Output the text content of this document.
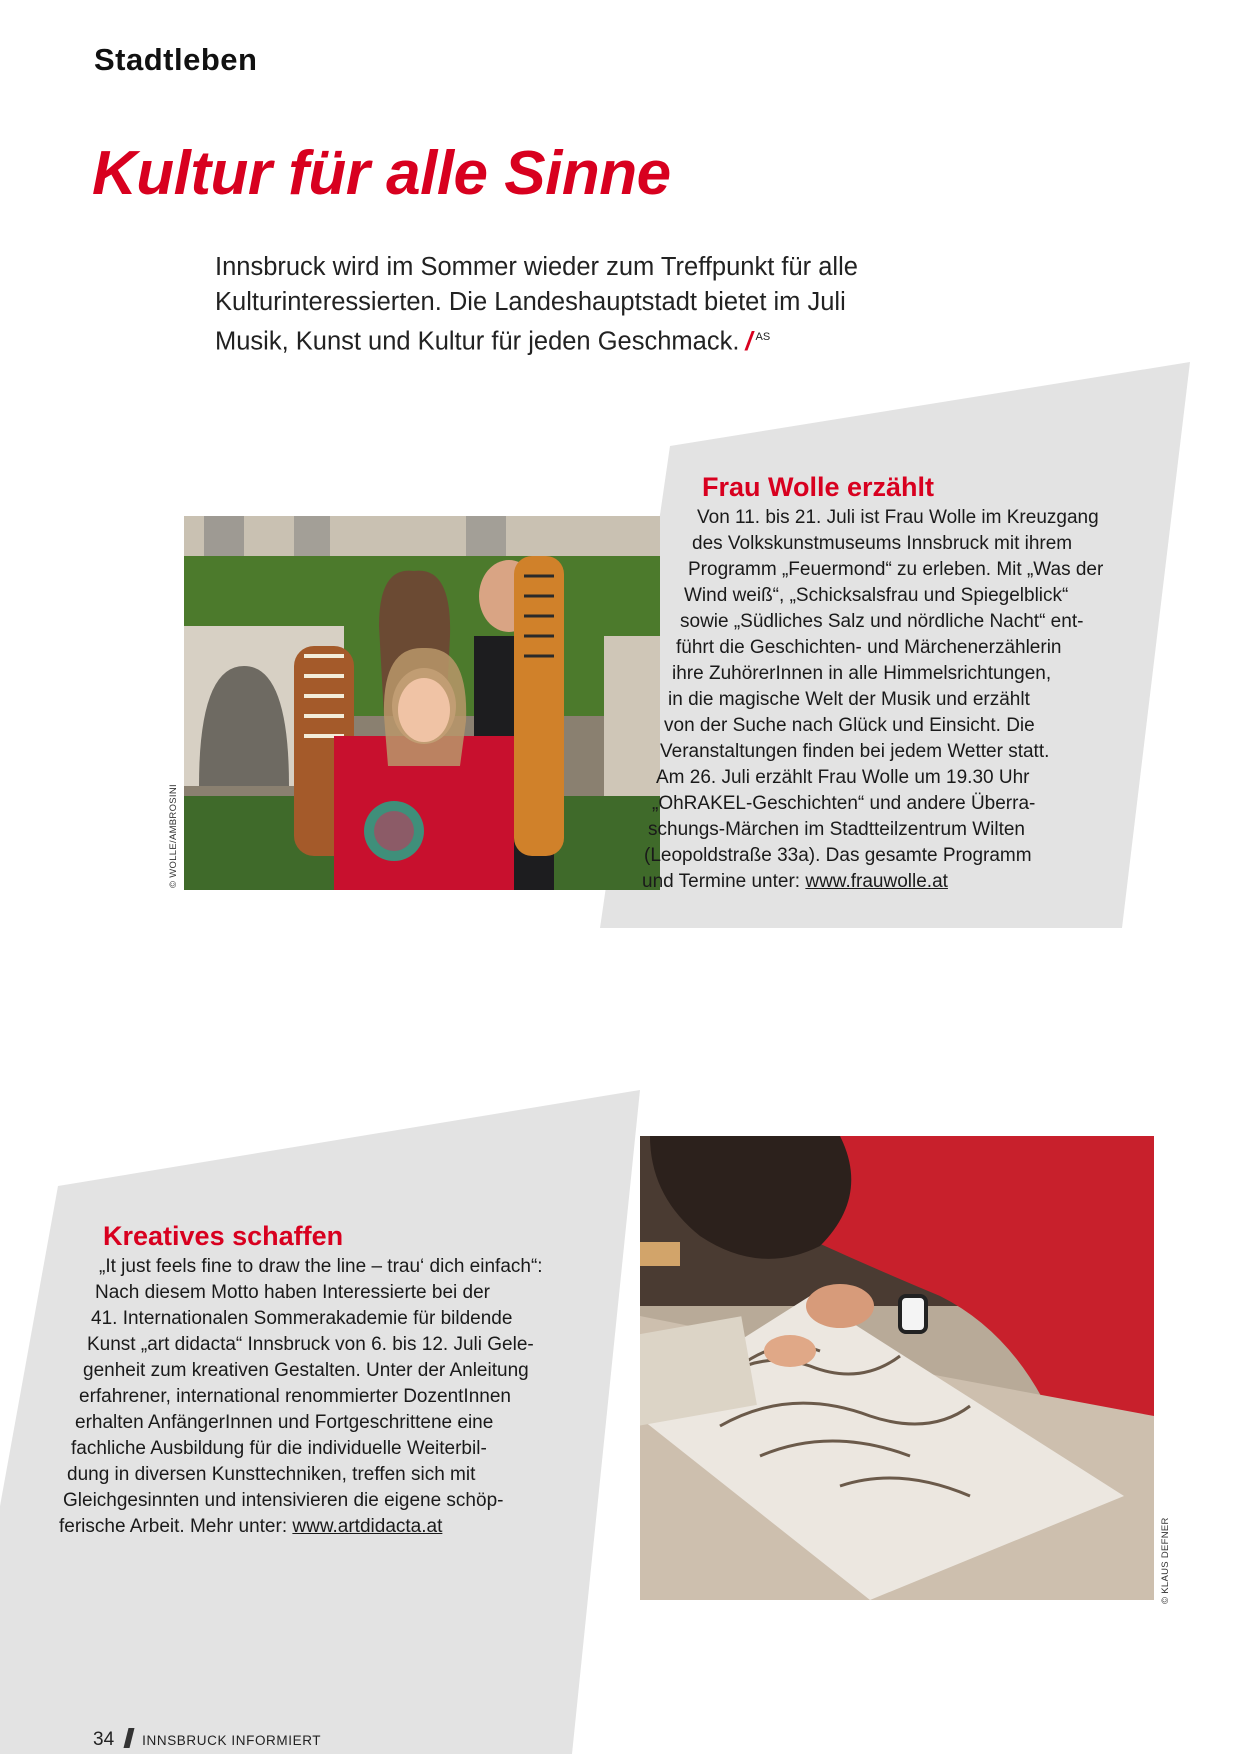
Stadtleben
Kultur für alle Sinne
Innsbruck wird im Sommer wieder zum Treffpunkt für alle
Kulturinteressierten. Die Landeshauptstadt bietet im Juli
Musik, Kunst und Kultur für jeden Geschmack. / $^{AS}$
© WOLLE/AMBROSINI
Frau Wolle erzählt
Von 11. bis 21. Juli ist Frau Wolle im Kreuzgang
des Volkskunstmuseums Innsbruck mit ihrem
Programm „Feuermond“ zu erleben. Mit „Was der
Wind weiß“, „Schicksalsfrau und Spiegelblick“
sowie „Südliches Salz und nördliche Nacht“ ent-
führt die Geschichten- und Märchenerzählerin
ihre ZuhörerInnen in alle Himmelsrichtungen,
in die magische Welt der Musik und erzählt
von der Suche nach Glück und Einsicht. Die
Veranstaltungen finden bei jedem Wetter statt.
Am 26. Juli erzählt Frau Wolle um 19.30 Uhr
„OhRAKEL-Geschichten“ und andere Überra-
schungs-Märchen im Stadtteilzentrum Wilten
(Leopoldstraße 33a). Das gesamte Programm
und Termine unter: www.frauwolle.at
© KLAUS DEFNER
Kreatives schaffen
„It just feels fine to draw the line – trau‘ dich einfach“:
Nach diesem Motto haben Interessierte bei der
41. Internationalen Sommerakademie für bildende
Kunst „art didacta“ Innsbruck von 6. bis 12. Juli Gele-
genheit zum kreativen Gestalten. Unter der Anleitung
erfahrener, international renommierter DozentInnen
erhalten AnfängerInnen und Fortgeschrittene eine
fachliche Ausbildung für die individuelle Weiterbil-
dung in diversen Kunsttechniken, treffen sich mit
Gleichgesinnten und intensivieren die eigene schöp-
ferische Arbeit. Mehr unter: www.artdidacta.at
34 INNSBRUCK INFORMIERT
